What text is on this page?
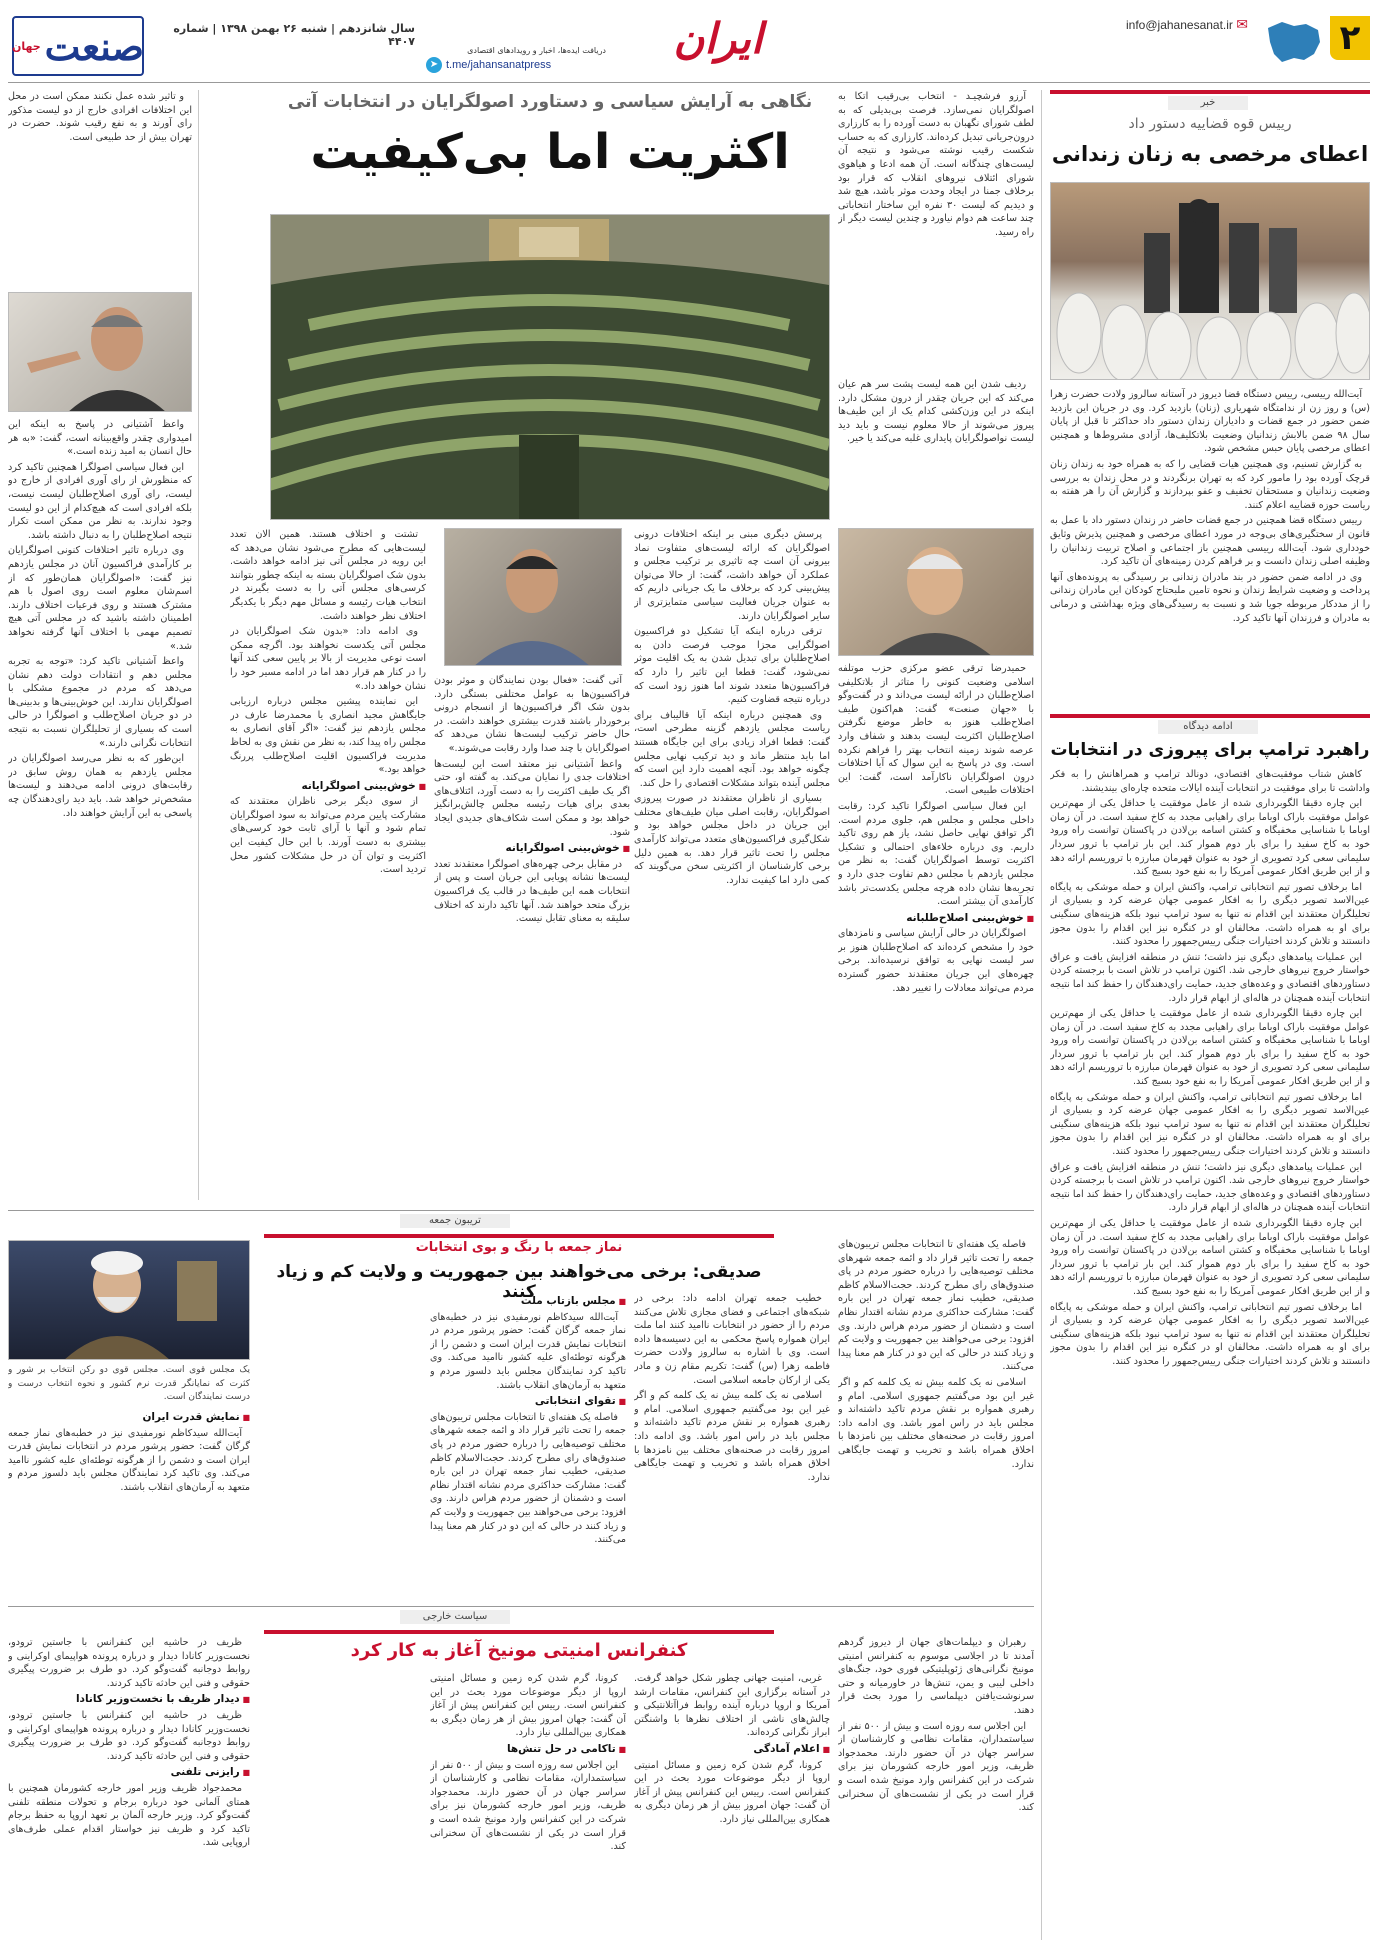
۲
info@jahanesanat.ir ✉
ایران
دریافت ایده‌ها، اخبار و رویدادهای اقتصادی
t.me/jahansanatpress
➤
سال شانزدهم | شنبه ۲۶ بهمن ۱۳۹۸ | شماره ۴۴۰۷
صنعت
جهان
خبر
رییس قوه قضاییه دستور داد
اعطای مرخصی به زنان زندانی

آیت‌الله رییسی، رییس دستگاه قضا دیروز در آستانه سالروز ولادت حضرت زهرا (س) و روز زن از ندامتگاه شهریاری (زنان) بازدید کرد. وی در جریان این بازدید ضمن حضور در جمع قضات و دادیاران زندان دستور داد حداکثر تا قبل از پایان سال ۹۸ ضمن بالابش زندانیان وضعیت بلاتکلیف‌ها، آزادی مشروط‌ها و همچنین اعطای مرخصی پایان حبس مشخص شود.

به گزارش تسنیم، وی همچنین هیات قضایی را که به همراه خود به زندان زنان قرچک آورده بود را مامور کرد که به تهران برنگردند و در محل زندان به بررسی وضعیت زندانیان و مستحقان تخفیف و عفو بپردازند و گزارش آن را هر هفته به ریاست حوزه قضاییه اعلام کنند.

رییس دستگاه قضا همچنین در جمع قضات حاضر در زندان دستور داد با عمل به قانون از سختگیری‌های بی‌وجه در مورد اعطای مرخصی و همچنین پذیرش وثایق خودداری شود. آیت‌الله رییسی همچنین باز اجتماعی و اصلاح تربیت زندانیان را وظیفه اصلی زندان دانست و بر فراهم کردن زمینه‌های آن تاکید کرد.

وی در ادامه ضمن حضور در بند مادران زندانی بر رسیدگی به پرونده‌های آنها پرداخت و وضعیت شرایط زندان و نحوه تامین ملبحتاج کودکان این مادران زندانی را از مددکار مربوطه جویا شد و نسبت به رسیدگی‌های ویژه بهداشتی و درمانی به مادران و فرزندان آنها تاکید کرد.

ادامه دیدگاه
راهبرد ترامپ برای پیروزی در انتخابات

کاهش شتاب موفقیت‌های اقتصادی، دونالد ترامپ و همراهانش را به فکر واداشت تا برای موفقیت در انتخابات آینده ایالات متحده چاره‌ای بیندیشند.

این چاره دقیقا الگوبرداری شده از عامل موفقیت یا حداقل یکی از مهم‌ترین عوامل موفقیت باراک اوباما برای راهیابی مجدد به کاخ سفید است. در آن زمان اوباما با شناسایی مخفیگاه و کشتن اسامه بن‌لادن در پاکستان توانست راه ورود خود به کاخ سفید را برای بار دوم هموار کند. این بار ترامپ با ترور سردار سلیمانی سعی کرد تصویری از خود به عنوان قهرمان مبارزه با تروریسم ارائه دهد و از این طریق افکار عمومی آمریکا را به نفع خود بسیج کند.

اما برخلاف تصور تیم انتخاباتی ترامپ، واکنش ایران و حمله موشکی به پایگاه عین‌الاسد تصویر دیگری را به افکار عمومی جهان عرضه کرد و بسیاری از تحلیلگران معتقدند این اقدام نه تنها به سود ترامپ نبود بلکه هزینه‌های سنگینی برای او به همراه داشت. مخالفان او در کنگره نیز این اقدام را بدون مجوز دانستند و تلاش کردند اختیارات جنگی رییس‌جمهور را محدود کنند.

این عملیات پیامدهای دیگری نیز داشت؛ تنش در منطقه افزایش یافت و عراق خواستار خروج نیروهای خارجی شد. اکنون ترامپ در تلاش است با برجسته کردن دستاوردهای اقتصادی و وعده‌های جدید، حمایت رای‌دهندگان را حفظ کند اما نتیجه انتخابات آینده همچنان در هاله‌ای از ابهام قرار دارد.

این چاره دقیقا الگوبرداری شده از عامل موفقیت یا حداقل یکی از مهم‌ترین عوامل موفقیت باراک اوباما برای راهیابی مجدد به کاخ سفید است. در آن زمان اوباما با شناسایی مخفیگاه و کشتن اسامه بن‌لادن در پاکستان توانست راه ورود خود به کاخ سفید را برای بار دوم هموار کند. این بار ترامپ با ترور سردار سلیمانی سعی کرد تصویری از خود به عنوان قهرمان مبارزه با تروریسم ارائه دهد و از این طریق افکار عمومی آمریکا را به نفع خود بسیج کند.

اما برخلاف تصور تیم انتخاباتی ترامپ، واکنش ایران و حمله موشکی به پایگاه عین‌الاسد تصویر دیگری را به افکار عمومی جهان عرضه کرد و بسیاری از تحلیلگران معتقدند این اقدام نه تنها به سود ترامپ نبود بلکه هزینه‌های سنگینی برای او به همراه داشت. مخالفان او در کنگره نیز این اقدام را بدون مجوز دانستند و تلاش کردند اختیارات جنگی رییس‌جمهور را محدود کنند.

این عملیات پیامدهای دیگری نیز داشت؛ تنش در منطقه افزایش یافت و عراق خواستار خروج نیروهای خارجی شد. اکنون ترامپ در تلاش است با برجسته کردن دستاوردهای اقتصادی و وعده‌های جدید، حمایت رای‌دهندگان را حفظ کند اما نتیجه انتخابات آینده همچنان در هاله‌ای از ابهام قرار دارد.

این چاره دقیقا الگوبرداری شده از عامل موفقیت یا حداقل یکی از مهم‌ترین عوامل موفقیت باراک اوباما برای راهیابی مجدد به کاخ سفید است. در آن زمان اوباما با شناسایی مخفیگاه و کشتن اسامه بن‌لادن در پاکستان توانست راه ورود خود به کاخ سفید را برای بار دوم هموار کند. این بار ترامپ با ترور سردار سلیمانی سعی کرد تصویری از خود به عنوان قهرمان مبارزه با تروریسم ارائه دهد و از این طریق افکار عمومی آمریکا را به نفع خود بسیج کند.

اما برخلاف تصور تیم انتخاباتی ترامپ، واکنش ایران و حمله موشکی به پایگاه عین‌الاسد تصویر دیگری را به افکار عمومی جهان عرضه کرد و بسیاری از تحلیلگران معتقدند این اقدام نه تنها به سود ترامپ نبود بلکه هزینه‌های سنگینی برای او به همراه داشت. مخالفان او در کنگره نیز این اقدام را بدون مجوز دانستند و تلاش کردند اختیارات جنگی رییس‌جمهور را محدود کنند.

آرزو فرشچیـد - انتخاب بی‌رقیب اتکا به اصولگرایان نمی‌سازد. فرصت بی‌بدیلی که به لطف شورای نگهبان به دست آورده را به کارزاری درون‌جریانی تبدیل کرده‌اند. کارزاری که به حساب شکست رقیب نوشته می‌شود و نتیجه آن لیست‌های چندگانه است. آن همه ادعا و هیاهوی شورای ائتلاف نیروهای انقلاب که قرار بود برخلاف جمنا در ایجاد وحدت موثر باشد، هیچ شد و دیدیم که لیست ۳۰ نفره این ساختار انتخاباتی چند ساعت هم دوام نیاورد و چندین لیست دیگر از راه رسید.

نگاهی به آرایش سیاسی و دستاورد اصولگرایان در انتخابات آتی
اکثریت اما بی‌کیفیت

ردیف شدن این همه لیست پشت سر هم عیان می‌کند که این جریان چقدر از درون مشکل دارد. اینکه در این وزن‌کشی کدام یک از این طیف‌ها پیروز می‌شوند از حالا معلوم نیست و باید دید لیست نواصولگرایان پایداری غلبه می‌کند یا خیر.

حمیدرضا ترقی عضو مرکزی حزب موتلفه اسلامی وضعیت کنونی را متاثر از بلاتکلیفی اصلاح‌طلبان در ارائه لیست می‌داند و در گفت‌وگو با «جهان صنعت» گفت: هم‌اکنون طیف اصلاح‌طلب هنوز به خاطر موضع نگرفتن اصلاح‌طلبان اکثریت لیست بدهند و شفاف وارد عرصه شوند زمینه انتخاب بهتر را فراهم نکرده است. وی در پاسخ به این سوال که آیا اختلافات درون اصولگرایان ناکارآمد است، گفت: این اختلافات طبیعی است.

این فعال سیاسی اصولگرا تاکید کرد: رقابت داخلی مجلس و مجلس هم، جلوی مردم است. اگر توافق نهایی حاصل نشد، یاز هم روی تاکید داریم. وی درباره خلاءهای احتمالی و تشکیل اکثریت توسط اصولگرایان گفت: به نظر من مجلس یازدهم با مجلس دهم تفاوت جدی دارد و تجربه‌ها نشان داده هرچه مجلس یکدست‌تر باشد کارآمدی آن بیشتر است.

■ خوش‌بینی اصلاح‌طلبانه

اصولگرایان در حالی آرایش سیاسی و نامزدهای خود را مشخص کرده‌اند که اصلاح‌طلبان هنوز بر سر لیست نهایی به توافق نرسیده‌اند. برخی چهره‌های این جریان معتقدند حضور گسترده مردم می‌تواند معادلات را تغییر دهد.

پرسش دیگری مبنی بر اینکه اختلافات درونی اصولگرایان که ارائه لیست‌های متفاوت نماد بیرونی آن است چه تاثیری بر ترکیب مجلس و عملکرد آن خواهد داشت، گفت: از حالا می‌توان پیش‌بینی کرد که برخلاف ما یک جریانی داریم که به عنوان جریان فعالیت سیاسی متمایزتری از سایر اصولگرایان دارند.

ترقی درباره اینکه آیا تشکیل دو فراکسیون اصولگرایی مجزا موجب فرصت دادن به اصلاح‌طلبان برای تبدیل شدن به یک اقلیت موثر نمی‌شود، گفت: قطعا این تاثیر را دارد که فراکسیون‌ها متعدد شوند اما هنوز زود است که درباره نتیجه قضاوت کنیم.

وی همچنین درباره اینکه آیا قالیباف برای ریاست مجلس یازدهم گزینه مطرحی است، گفت: قطعا افراد زیادی برای این جایگاه هستند اما باید منتظر ماند و دید ترکیب نهایی مجلس چگونه خواهد بود. آنچه اهمیت دارد این است که مجلس آینده بتواند مشکلات اقتصادی را حل کند.

بسیاری از ناظران معتقدند در صورت پیروزی اصولگرایان، رقابت اصلی میان طیف‌های مختلف این جریان در داخل مجلس خواهد بود و شکل‌گیری فراکسیون‌های متعدد می‌تواند کارآمدی مجلس را تحت تاثیر قرار دهد. به همین دلیل برخی کارشناسان از اکثریتی سخن می‌گویند که کمی دارد اما کیفیت ندارد.

آتی گفت: «فعال بودن نمایندگان و موثر بودن فراکسیون‌ها به عوامل مختلفی بستگی دارد. بدون شک اگر فراکسیون‌ها از انسجام درونی برخوردار باشند قدرت بیشتری خواهند داشت. در حال حاضر ترکیب لیست‌ها نشان می‌دهد که اصولگرایان با چند صدا وارد رقابت می‌شوند.»

واعظ آشتیانی نیز معتقد است این لیست‌ها اختلافات جدی را نمایان می‌کند. به گفته او، حتی اگر یک طیف اکثریت را به دست آورد، ائتلاف‌های بعدی برای هیات رئیسه مجلس چالش‌برانگیز خواهد بود و ممکن است شکاف‌های جدیدی ایجاد شود.

■ خوش‌بینی اصولگرایانه

در مقابل برخی چهره‌های اصولگرا معتقدند تعدد لیست‌ها نشانه پویایی این جریان است و پس از انتخابات همه این طیف‌ها در قالب یک فراکسیون بزرگ متحد خواهند شد. آنها تاکید دارند که اختلاف سلیقه به معنای تقابل نیست.

تشتت و اختلاف هستند. همین الان تعدد لیست‌هایی که مطرح می‌شود نشان می‌دهد که این رویه در مجلس آتی نیز ادامه خواهد داشت. بدون شک اصولگرایان بسته به اینکه چطور بتوانند کرسی‌های مجلس آتی را به دست بگیرند در انتخاب هیات رئیسه و مسائل مهم دیگر با یکدیگر اختلاف نظر خواهند داشت.

وی ادامه داد: «بدون شک اصولگرایان در مجلس آتی یکدست نخواهند بود. اگرچه ممکن است نوعی مدیریت از بالا بر پایین سعی کند آنها را در کنار هم قرار دهد اما در ادامه مسیر خود را نشان خواهد داد.»

این نماینده پیشین مجلس درباره ارزیابی جایگاهش مجید انصاری یا محمدرضا عارف در مجلس یازدهم نیز گفت: «اگر آقای انصاری به مجلس راه پیدا کند، به نظر من نقش وی به لحاظ مدیریت فراکسیون اقلیت اصلاح‌طلب پررنگ خواهد بود.»

■ خوش‌بینی اصولگرایانه

از سوی دیگر برخی ناظران معتقدند که مشارکت پایین مردم می‌تواند به سود اصولگرایان تمام شود و آنها با آرای ثابت خود کرسی‌های بیشتری به دست آورند. با این حال کیفیت این اکثریت و توان آن در حل مشکلات کشور محل تردید است.

و تاثیر شده عمل نکنند ممکن است در محل این اختلافات افرادی خارج از دو لیست مذکور رای آورند و به نفع رقیب شوند. حضرت در تهران بیش از حد طبیعی است.

واعظ آشتیانی در پاسخ به اینکه این امیدواری چقدر واقع‌بینانه است، گفت: «به هر حال انسان به امید زنده است.»

این فعال سیاسی اصولگرا همچنین تاکید کرد که منظورش از رای آوری افرادی از خارج دو لیست، رای آوری اصلاح‌طلبان لیست نیست، بلکه افرادی است که هیچ‌کدام از این دو لیست وجود ندارند. به نظر من ممکن است تکرار نتیجه اصلاح‌طلبان را به دنبال داشته باشد.

وی درباره تاثیر اختلافات کنونی اصولگرایان بر کارآمدی فراکسیون آنان در مجلس یازدهم نیز گفت: «اصولگرایان همان‌طور که از اسم‌شان معلوم است روی اصول با هم مشترک هستند و روی فرعیات اختلاف دارند. اطمینان داشته باشید که در مجلس آتی هیچ تصمیم مهمی با اختلاف آنها گرفته نخواهد شد.»

واعظ آشتیانی تاکید کرد: «توجه به تجربه مجلس دهم و انتقادات دولت دهم نشان می‌دهد که مردم در مجموع مشکلی با اصولگرایان ندارند. این خوش‌بینی‌ها و بدبینی‌ها در دو جریان اصلاح‌طلب و اصولگرا در حالی است که بسیاری از تحلیلگران نسبت به نتیجه انتخابات نگرانی دارند.»

این‌طور که به نظر می‌رسد اصولگرایان در مجلس یازدهم به همان روش سابق در رقابت‌های درونی ادامه می‌دهند و لیست‌ها مشخص‌تر خواهد شد. باید دید رای‌دهندگان چه پاسخی به این آرایش خواهند داد.

تریبون جمعه
نماز جمعه با رنگ و بوی انتخابات
صدیقی: برخی می‌خواهند بین جمهوریت و ولایت کم و زیاد کنند

فاصله یک هفته‌ای تا انتخابات مجلس تریبون‌های جمعه را تحت تاثیر قرار داد و ائمه جمعه شهرهای مختلف توصیه‌هایی را درباره حضور مردم در پای صندوق‌های رای مطرح کردند. حجت‌الاسلام کاظم صدیقی، خطیب نماز جمعه تهران در این باره گفت: مشارکت حداکثری مردم نشانه اقتدار نظام است و دشمنان از حضور مردم هراس دارند. وی افزود: برخی می‌خواهند بین جمهوریت و ولایت کم و زیاد کنند در حالی که این دو در کنار هم معنا پیدا می‌کنند.

اسلامی نه یک کلمه بیش نه یک کلمه کم و اگر غیر این بود می‌گفتیم جمهوری اسلامی. امام و رهبری همواره بر نقش مردم تاکید داشته‌اند و مجلس باید در راس امور باشد. وی ادامه داد: امروز رقابت در صحنه‌های مختلف بین نامزدها با اخلاق همراه باشد و تخریب و تهمت جایگاهی ندارد.

خطیب جمعه تهران ادامه داد: برخی در شبکه‌های اجتماعی و فضای مجازی تلاش می‌کنند مردم را از حضور در انتخابات ناامید کنند اما ملت ایران همواره پاسخ محکمی به این دسیسه‌ها داده است. وی با اشاره به سالروز ولادت حضرت فاطمه زهرا (س) گفت: تکریم مقام زن و مادر یکی از ارکان جامعه اسلامی است.

اسلامی نه یک کلمه بیش نه یک کلمه کم و اگر غیر این بود می‌گفتیم جمهوری اسلامی. امام و رهبری همواره بر نقش مردم تاکید داشته‌اند و مجلس باید در راس امور باشد. وی ادامه داد: امروز رقابت در صحنه‌های مختلف بین نامزدها با اخلاق همراه باشد و تخریب و تهمت جایگاهی ندارد.

■ مجلس بازتاب ملت

آیت‌الله سیدکاظم نورمفیدی نیز در خطبه‌های نماز جمعه گرگان گفت: حضور پرشور مردم در انتخابات نمایش قدرت ایران است و دشمن را از هرگونه توطئه‌ای علیه کشور ناامید می‌کند. وی تاکید کرد نمایندگان مجلس باید دلسوز مردم و متعهد به آرمان‌های انقلاب باشند.

■ تقوای انتخاباتی

فاصله یک هفته‌ای تا انتخابات مجلس تریبون‌های جمعه را تحت تاثیر قرار داد و ائمه جمعه شهرهای مختلف توصیه‌هایی را درباره حضور مردم در پای صندوق‌های رای مطرح کردند. حجت‌الاسلام کاظم صدیقی، خطیب نماز جمعه تهران در این باره گفت: مشارکت حداکثری مردم نشانه اقتدار نظام است و دشمنان از حضور مردم هراس دارند. وی افزود: برخی می‌خواهند بین جمهوریت و ولایت کم و زیاد کنند در حالی که این دو در کنار هم معنا پیدا می‌کنند.

یک مجلس قوی است. مجلس قوی دو رکن انتخاب بر شور و کثرت که نمایانگر قدرت نرم کشور و نحوه انتخاب درست و درست نمایندگان است.
■ نمایش قدرت ایران

آیت‌الله سیدکاظم نورمفیدی نیز در خطبه‌های نماز جمعه گرگان گفت: حضور پرشور مردم در انتخابات نمایش قدرت ایران است و دشمن را از هرگونه توطئه‌ای علیه کشور ناامید می‌کند. وی تاکید کرد نمایندگان مجلس باید دلسوز مردم و متعهد به آرمان‌های انقلاب باشند.

سیاست خارجی
کنفرانس امنیتی مونیخ آغاز به کار کرد	رهبران و دیپلمات‌های جهان از دیروز گردهم آمدند تا در اجلاسی موسوم به کنفرانس امنیتی مونیخ نگرانی‌های ژئوپلیتیکی فوری خود، جنگ‌های داخلی لیبی و یمن، تنش‌ها در خاورمیانه و حتی سرنوشت‌یافتن دیپلماسی را مورد بحث قرار دهند.

این اجلاس سه روزه است و بیش از ۵۰۰ نفر از سیاستمداران، مقامات نظامی و کارشناسان از سراسر جهان در آن حضور دارند. محمدجواد ظریف، وزیر امور خارجه کشورمان نیز برای شرکت در این کنفرانس وارد مونیخ شده است و قرار است در یکی از نشست‌های آن سخنرانی کند.

غربی، امنیت جهانی چطور شکل خواهد گرفت. در آستانه برگزاری این کنفرانس، مقامات ارشد آمریکا و اروپا درباره آینده روابط فراآتلانتیکی و چالش‌های ناشی از اختلاف نظرها با واشنگتن ابراز نگرانی کرده‌اند.

■ اعلام آمادگی

کرونا، گرم شدن کره زمین و مسائل امنیتی اروپا از دیگر موضوعات مورد بحث در این کنفرانس است. رییس این کنفرانس پیش از آغاز آن گفت: جهان امروز بیش از هر زمان دیگری به همکاری بین‌المللی نیاز دارد.

کرونا، گرم شدن کره زمین و مسائل امنیتی اروپا از دیگر موضوعات مورد بحث در این کنفرانس است. رییس این کنفرانس پیش از آغاز آن گفت: جهان امروز بیش از هر زمان دیگری به همکاری بین‌المللی نیاز دارد.

■ تاکامی در حل تنش‌ها

این اجلاس سه روزه است و بیش از ۵۰۰ نفر از سیاستمداران، مقامات نظامی و کارشناسان از سراسر جهان در آن حضور دارند. محمدجواد ظریف، وزیر امور خارجه کشورمان نیز برای شرکت در این کنفرانس وارد مونیخ شده است و قرار است در یکی از نشست‌های آن سخنرانی کند.

ظریف در حاشیه این کنفرانس با جاستین ترودو، نخست‌وزیر کانادا دیدار و درباره پرونده هواپیمای اوکراینی و روابط دوجانبه گفت‌وگو کرد. دو طرف بر ضرورت پیگیری حقوقی و فنی این حادثه تاکید کردند.

■ دیدار ظریف با نخست‌وزیر کانادا

ظریف در حاشیه این کنفرانس با جاستین ترودو، نخست‌وزیر کانادا دیدار و درباره پرونده هواپیمای اوکراینی و روابط دوجانبه گفت‌وگو کرد. دو طرف بر ضرورت پیگیری حقوقی و فنی این حادثه تاکید کردند.

■ رایزنی تلفنی

محمدجواد ظریف وزیر امور خارجه کشورمان همچنین با همتای آلمانی خود درباره برجام و تحولات منطقه تلفنی گفت‌وگو کرد. وزیر خارجه آلمان بر تعهد اروپا به حفظ برجام تاکید کرد و ظریف نیز خواستار اقدام عملی طرف‌های اروپایی شد.
